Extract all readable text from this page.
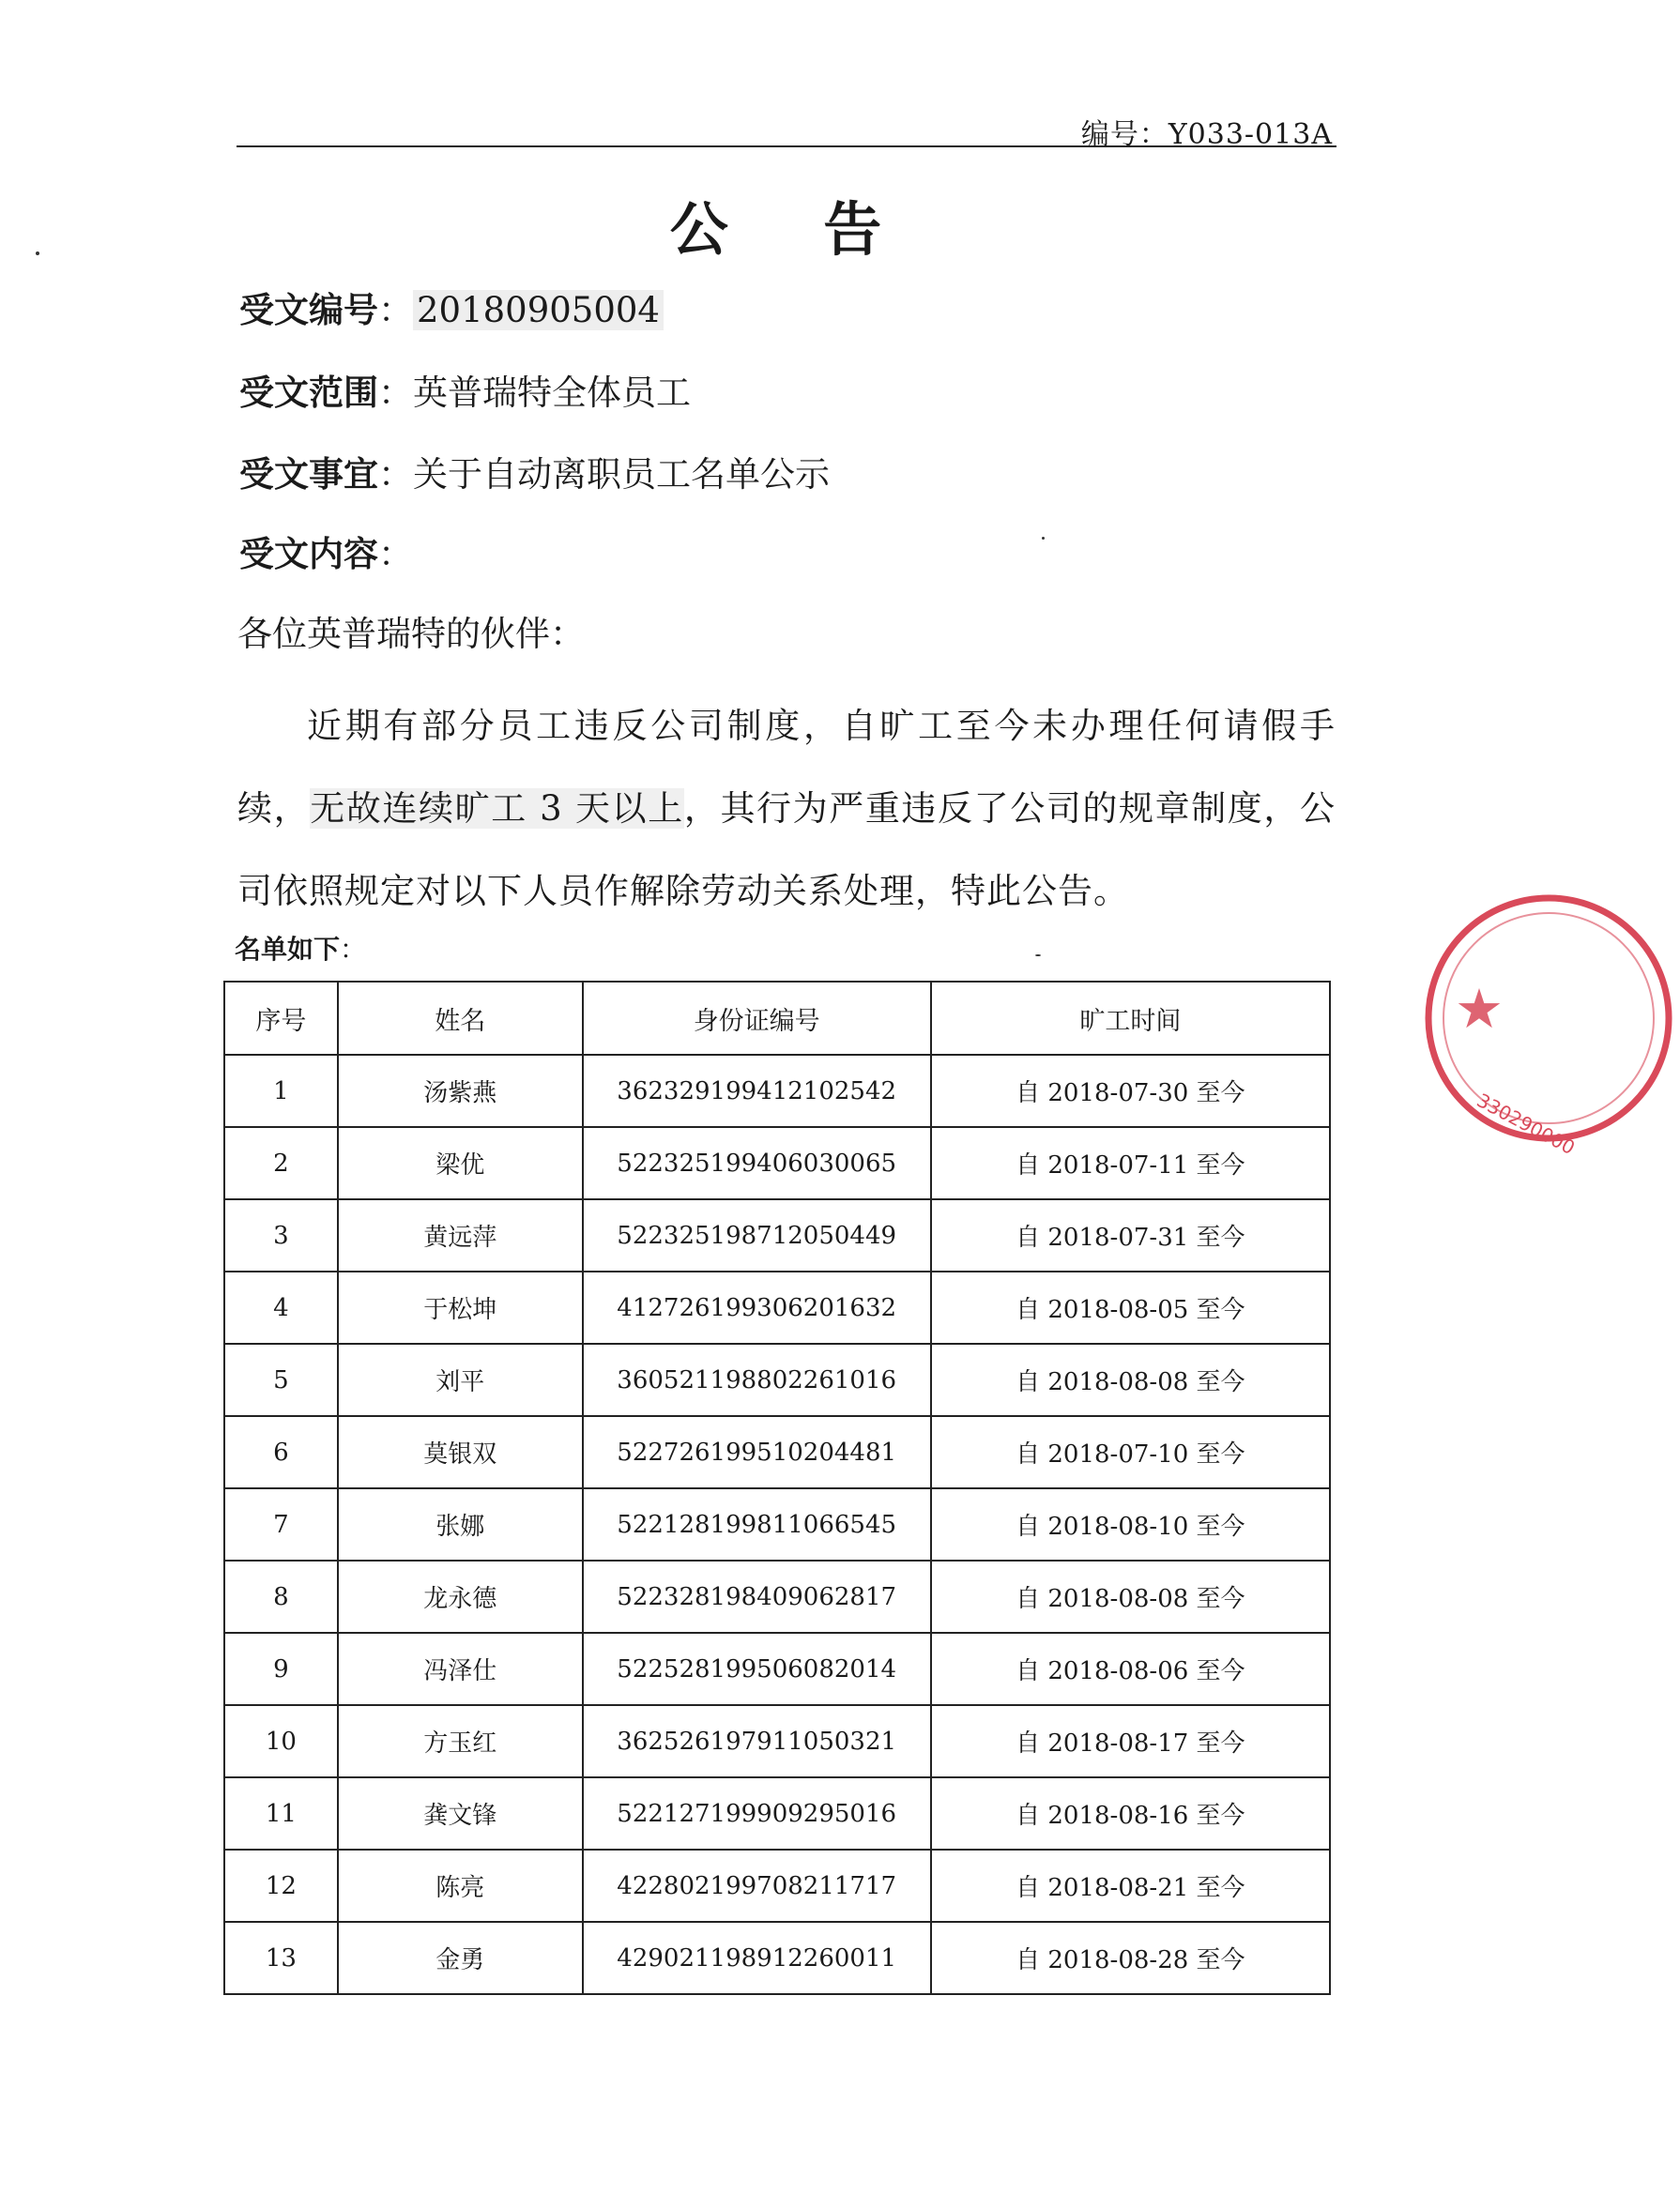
编号：Y033-013A
公 告
受文编号 ： 20180905004
受文范围 ： 英普瑞特全体员工
受文事宜 ： 关于自动离职员工名单公示
受文内容 ：
各位英普瑞特的伙伴：
近期有部分员工违反公司制度，自旷工至今未办理任何请假手续，无故连续旷工 3 天以上，其行为严重违反了公司的规章制度，公司依照规定对以下人员作解除劳动关系处理，特此公告。
名单如下 ：
序号	姓名	身份证编号	旷工时间
1	汤紫燕	362329199412102542	自 2018-07-30 至今
2	梁优	522325199406030065	自 2018-07-11 至今
3	黄远萍	522325198712050449	自 2018-07-31 至今
4	于松坤	412726199306201632	自 2018-08-05 至今
5	刘平	360521198802261016	自 2018-08-08 至今
6	莫银双	522726199510204481	自 2018-07-10 至今
7	张娜	522128199811066545	自 2018-08-10 至今
8	龙永德	522328198409062817	自 2018-08-08 至今
9	冯泽仕	522528199506082014	自 2018-08-06 至今
10	方玉红	362526197911050321	自 2018-08-17 至今
11	龚文锋	522127199909295016	自 2018-08-16 至今
12	陈亮	422802199708211717	自 2018-08-21 至今
13	金勇	429021198912260011	自 2018-08-28 至今
330290000
★
